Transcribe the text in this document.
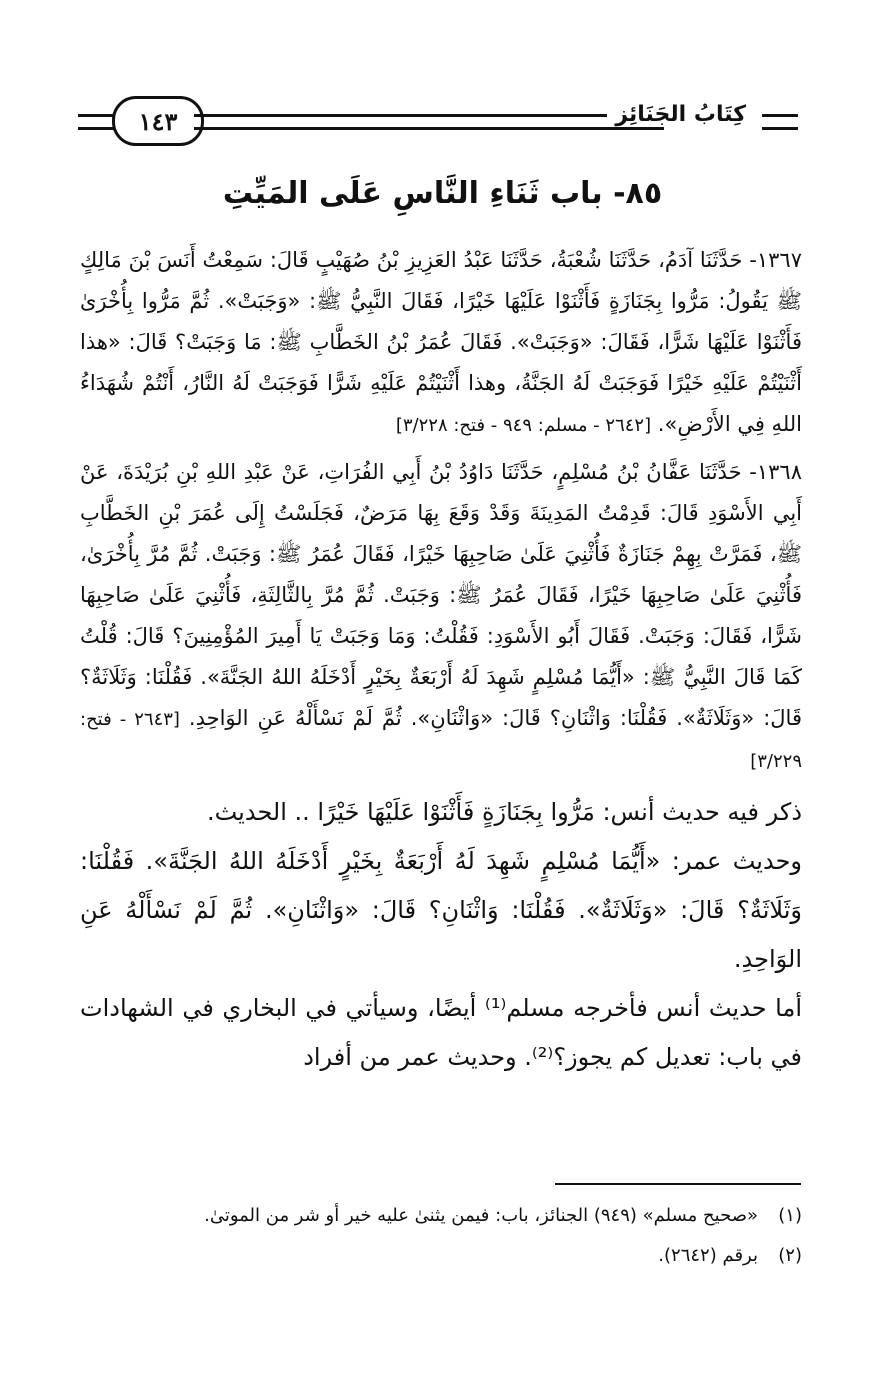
١٤٣	كِتَابُ الجَنَائِزِ
٨٥- باب ثَنَاءِ النَّاسِ عَلَى المَيِّتِ

١٣٦٧- حَدَّثَنَا آدَمُ، حَدَّثَنَا شُعْبَةُ، حَدَّثَنَا عَبْدُ العَزِيزِ بْنُ صُهَيْبٍ قَالَ: سَمِعْتُ أَنَسَ بْنَ مَالِكٍ ﷺ يَقُولُ: مَرُّوا بِجَنَازَةٍ فَأَثْنَوْا عَلَيْهَا خَيْرًا، فَقَالَ النَّبِيُّ ﷺ: «وَجَبَتْ». ثُمَّ مَرُّوا بِأُخْرَىٰ فَأَثْنَوْا عَلَيْهَا شَرًّا، فَقَالَ: «وَجَبَتْ». فَقَالَ عُمَرُ بْنُ الخَطَّابِ ﷺ: مَا وَجَبَتْ؟ قَالَ: «هذا أَثْنَيْتُمْ عَلَيْهِ خَيْرًا فَوَجَبَتْ لَهُ الجَنَّةُ، وهذا أَثْنَيْتُمْ عَلَيْهِ شَرًّا فَوَجَبَتْ لَهُ النَّارُ، أَنْتُمْ شُهَدَاءُ اللهِ فِي الأَرْضِ». [٢٦٤٢ - مسلم: ٩٤٩ - فتح: ٣/٢٢٨]

١٣٦٨- حَدَّثَنَا عَفَّانُ بْنُ مُسْلِمٍ، حَدَّثَنَا دَاوُدُ بْنُ أَبِي الفُرَاتِ، عَنْ عَبْدِ اللهِ بْنِ بُرَيْدَةَ، عَنْ أَبِي الأَسْوَدِ قَالَ: قَدِمْتُ المَدِينَةَ وَقَدْ وَقَعَ بِهَا مَرَضٌ، فَجَلَسْتُ إِلَى عُمَرَ بْنِ الخَطَّابِ ﷺ، فَمَرَّتْ بِهِمْ جَنَازَةٌ فَأُثْنِيَ عَلَىٰ صَاحِبِهَا خَيْرًا، فَقَالَ عُمَرُ ﷺ: وَجَبَتْ. ثُمَّ مُرَّ بِأُخْرَىٰ، فَأُثْنِيَ عَلَىٰ صَاحِبِهَا خَيْرًا، فَقَالَ عُمَرُ ﷺ: وَجَبَتْ. ثُمَّ مُرَّ بِالثَّالِثَةِ، فَأُثْنِيَ عَلَىٰ صَاحِبِهَا شَرًّا، فَقَالَ: وَجَبَتْ. فَقَالَ أَبُو الأَسْوَدِ: فَقُلْتُ: وَمَا وَجَبَتْ يَا أَمِيرَ المُؤْمِنِينَ؟ قَالَ: قُلْتُ كَمَا قَالَ النَّبِيُّ ﷺ: «أَيُّمَا مُسْلِمٍ شَهِدَ لَهُ أَرْبَعَةٌ بِخَيْرٍ أَدْخَلَهُ اللهُ الجَنَّةَ». فَقُلْنَا: وَثَلَاثَةٌ؟ قَالَ: «وَثَلَاثَةٌ». فَقُلْنَا: وَاثْنَانِ؟ قَالَ: «وَاثْنَانِ». ثُمَّ لَمْ نَسْأَلْهُ عَنِ الوَاحِدِ. [٢٦٤٣ - فتح: ٣/٢٢٩]

ذكر فيه حديث أنس: مَرُّوا بِجَنَازَةٍ فَأَثْنَوْا عَلَيْهَا خَيْرًا .. الحديث.

وحديث عمر: «أَيُّمَا مُسْلِمٍ شَهِدَ لَهُ أَرْبَعَةٌ بِخَيْرٍ أَدْخَلَهُ اللهُ الجَنَّةَ». فَقُلْنَا: وَثَلَاثَةٌ؟ قَالَ: «وَثَلَاثَةٌ». فَقُلْنَا: وَاثْنَانِ؟ قَالَ: «وَاثْنَانِ». ثُمَّ لَمْ نَسْأَلْهُ عَنِ الوَاحِدِ.

أما حديث أنس فأخرجه مسلم⁽¹⁾ أيضًا، وسيأتي في البخاري في الشهادات في باب: تعديل كم يجوز؟⁽²⁾. وحديث عمر من أفراد

(١)
«صحيح مسلم» (٩٤٩) الجنائز، باب: فيمن يثنىٰ عليه خير أو شر من الموتىٰ.
(٢)
برقم (٢٦٤٢).
